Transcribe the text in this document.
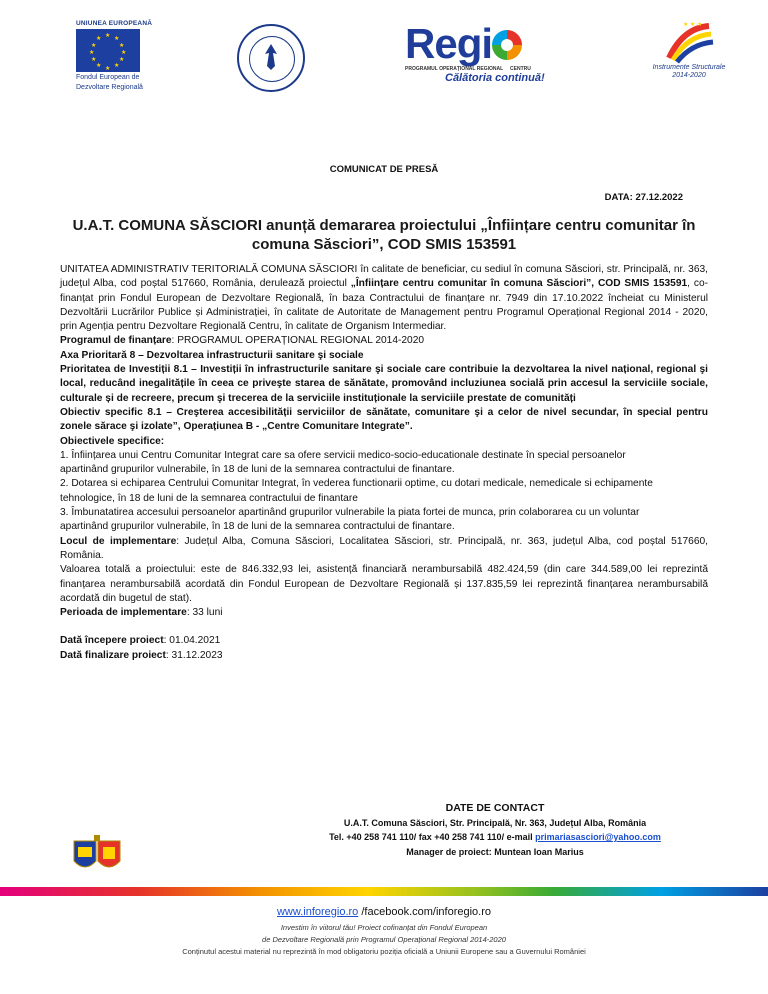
UNIUNEA EUROPEANĂ
★ ★
★
★
★
★
★
★
★
★
★
★
Fondul European de
Dezvoltare Regională
Regi
PROGRAMUL OPERAȚIONAL REGIONAL CENTRU
Călătoria continuă!
★ ★ ★
Instrumente Structurale
2014-2020
COMUNICAT DE PRESĂ
DATA: 27.12.2022
U.A.T. COMUNA SĂSCIORI anunță demararea proiectului „Înființare centru comunitar în comuna Săsciori”, COD SMIS 153591

UNITATEA ADMINISTRATIV TERITORIALĂ COMUNA SĂSCIORI în calitate de beneficiar, cu sediul în comuna Săsciori, str. Principală, nr. 363, județul Alba, cod poștal 517660, România, derulează proiectul „Înființare centru comunitar în comuna Săsciori”, COD SMIS 153591, co-finanțat prin Fondul European de Dezvoltare Regională, în baza Contractului de finanțare nr. 7949 din 17.10.2022 încheiat cu Ministerul Dezvoltării Lucrărilor Publice și Administrației, în calitate de Autoritate de Management pentru Programul Operațional Regional 2014 - 2020, prin Agenția pentru Dezvoltare Regională Centru, în calitate de Organism Intermediar.

Programul de finanțare: PROGRAMUL OPERAȚIONAL REGIONAL 2014-2020

Axa Prioritară 8 – Dezvoltarea infrastructurii sanitare şi sociale

Prioritatea de Investiții 8.1 – Investiții în infrastructurile sanitare şi sociale care contribuie la dezvoltarea la nivel național, regional şi local, reducând inegalitățile în ceea ce priveşte starea de sănătate, promovând incluziunea socială prin accesul la serviciile sociale, culturale și de recreere, precum şi trecerea de la serviciile instituționale la serviciile prestate de comunități

Obiectiv specific 8.1 – Creşterea accesibilității serviciilor de sănătate, comunitare şi a celor de nivel secundar, în special pentru zonele sărace şi izolate”, Operațiunea B - „Centre Comunitare Integrate”.

Obiectivele specifice:

1. Înființarea unui Centru Comunitar Integrat care sa ofere servicii medico-socio-educationale destinate în special persoanelor

apartinând grupurilor vulnerabile, în 18 de luni de la semnarea contractului de finantare.

2. Dotarea si echiparea Centrului Comunitar Integrat, în vederea functionarii optime, cu dotari medicale, nemedicale si echipamente

tehnologice, în 18 de luni de la semnarea contractului de finantare

3. Îmbunatatirea accesului persoanelor apartinând grupurilor vulnerabile la piata fortei de munca, prin colaborarea cu un voluntar

apartinând grupurilor vulnerabile, în 18 de luni de la semnarea contractului de finantare.

Locul de implementare: Județul Alba, Comuna Săsciori, Localitatea Săsciori, str. Principală, nr. 363, județul Alba, cod poștal 517660, România.

Valoarea totală a proiectului: este de 846.332,93 lei, asistență financiară nerambursabilă 482.424,59 (din care 344.589,00 lei reprezintă finanțarea nerambursabilă acordată din Fondul European de Dezvoltare Regională și 137.835,59 lei reprezintă finanțarea nerambursabilă acordată din bugetul de stat).

Perioada de implementare: 33 luni

Dată începere proiect: 01.04.2021

Dată finalizare proiect: 31.12.2023

DATE DE CONTACT
U.A.T. Comuna Săsciori, Str. Principală, Nr. 363, Județul Alba, România
Tel. +40 258 741 110/ fax +40 258 741 110/ e-mail primariasasciori@yahoo.com
Manager de proiect: Muntean Ioan Marius
www.inforegio.ro /facebook.com/inforegio.ro
Investim în viitorul tău! Proiect cofinanțat din Fondul European
de Dezvoltare Regională prin Programul Operațional Regional 2014-2020
Conținutul acestui material nu reprezintă în mod obligatoriu poziția oficială a Uniunii Europene sau a Guvernului României
